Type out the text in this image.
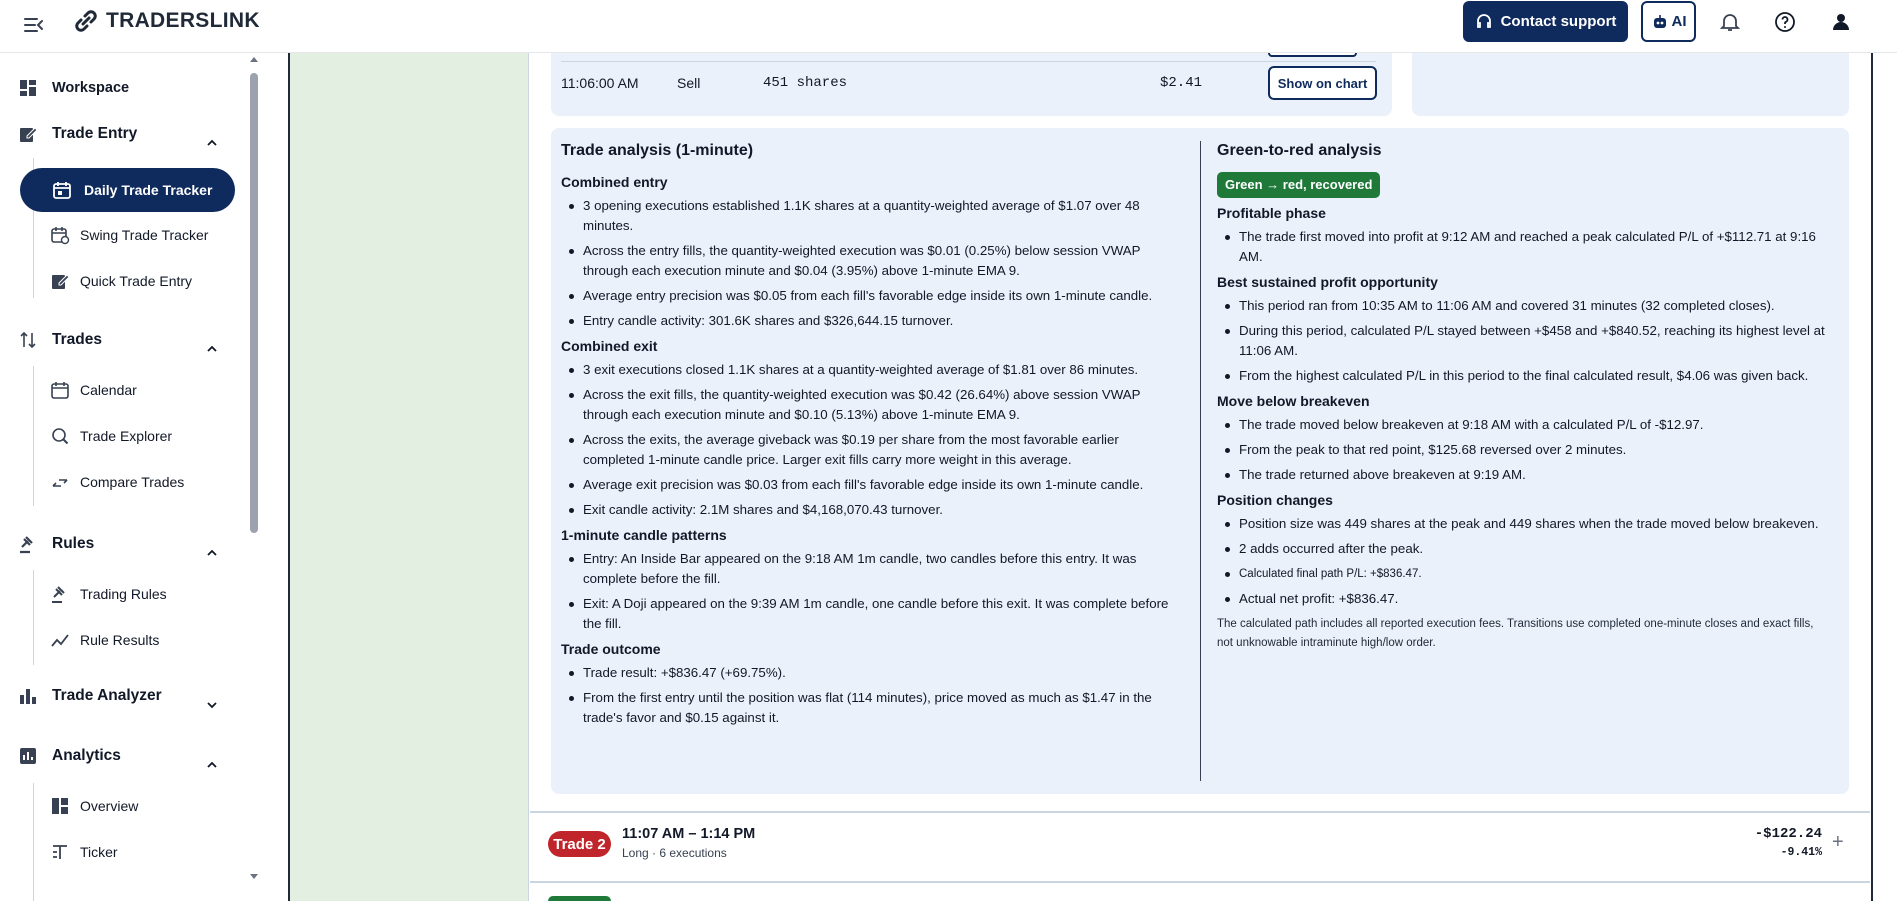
TRADERSLINK	Contact support	AI
Workspace
Trade Entry
Daily Trade Tracker
Swing Trade Tracker
Quick Trade Entry
Trades
Calendar
Trade Explorer
Compare Trades
Rules
Trading Rules
Rule Results
Trade Analyzer
Analytics
Overview
Ticker
11:06:00 AM	Sell	451 shares	$2.41	Show on chart
Trade analysis (1-minute)
Combined entry
3 opening executions established 1.1K shares at a quantity-weighted average of $1.07 over 48 minutes.
Across the entry fills, the quantity-weighted execution was $0.01 (0.25%) below session VWAP through each execution minute and $0.04 (3.95%) above 1-minute EMA 9.
Average entry precision was $0.05 from each fill's favorable edge inside its own 1-minute candle.
Entry candle activity: 301.6K shares and $326,644.15 turnover.
Combined exit
3 exit executions closed 1.1K shares at a quantity-weighted average of $1.81 over 86 minutes.
Across the exit fills, the quantity-weighted execution was $0.42 (26.64%) above session VWAP through each execution minute and $0.10 (5.13%) above 1-minute EMA 9.
Across the exits, the average giveback was $0.19 per share from the most favorable earlier completed 1-minute candle price. Larger exit fills carry more weight in this average.
Average exit precision was $0.03 from each fill's favorable edge inside its own 1-minute candle.
Exit candle activity: 2.1M shares and $4,168,070.43 turnover.
1-minute candle patterns
Entry: An Inside Bar appeared on the 9:18 AM 1m candle, two candles before this entry. It was complete before the fill.
Exit: A Doji appeared on the 9:39 AM 1m candle, one candle before this exit. It was complete before the fill.
Trade outcome
Trade result: +$836.47 (+69.75%).
From the first entry until the position was flat (114 minutes), price moved as much as $1.47 in the trade's favor and $0.15 against it.
Green-to-red analysis
Green → red, recovered
Profitable phase
The trade first moved into profit at 9:12 AM and reached a peak calculated P/L of +$112.71 at 9:16 AM.
Best sustained profit opportunity
This period ran from 10:35 AM to 11:06 AM and covered 31 minutes (32 completed closes).
During this period, calculated P/L stayed between +$458 and +$840.52, reaching its highest level at 11:06 AM.
From the highest calculated P/L in this period to the final calculated result, $4.06 was given back.
Move below breakeven
The trade moved below breakeven at 9:18 AM with a calculated P/L of -$12.97.
From the peak to that red point, $125.68 reversed over 2 minutes.
The trade returned above breakeven at 9:19 AM.
Position changes
Position size was 449 shares at the peak and 449 shares when the trade moved below breakeven.
2 adds occurred after the peak.
Calculated final path P/L: +$836.47.
Actual net profit: +$836.47.

The calculated path includes all reported execution fees. Transitions use completed one-minute closes and exact fills, not unknowable intraminute high/low order.

Trade 2
11:07 AM – 1:14 PM
Long · 6 executions
-$122.24
-9.41% +
